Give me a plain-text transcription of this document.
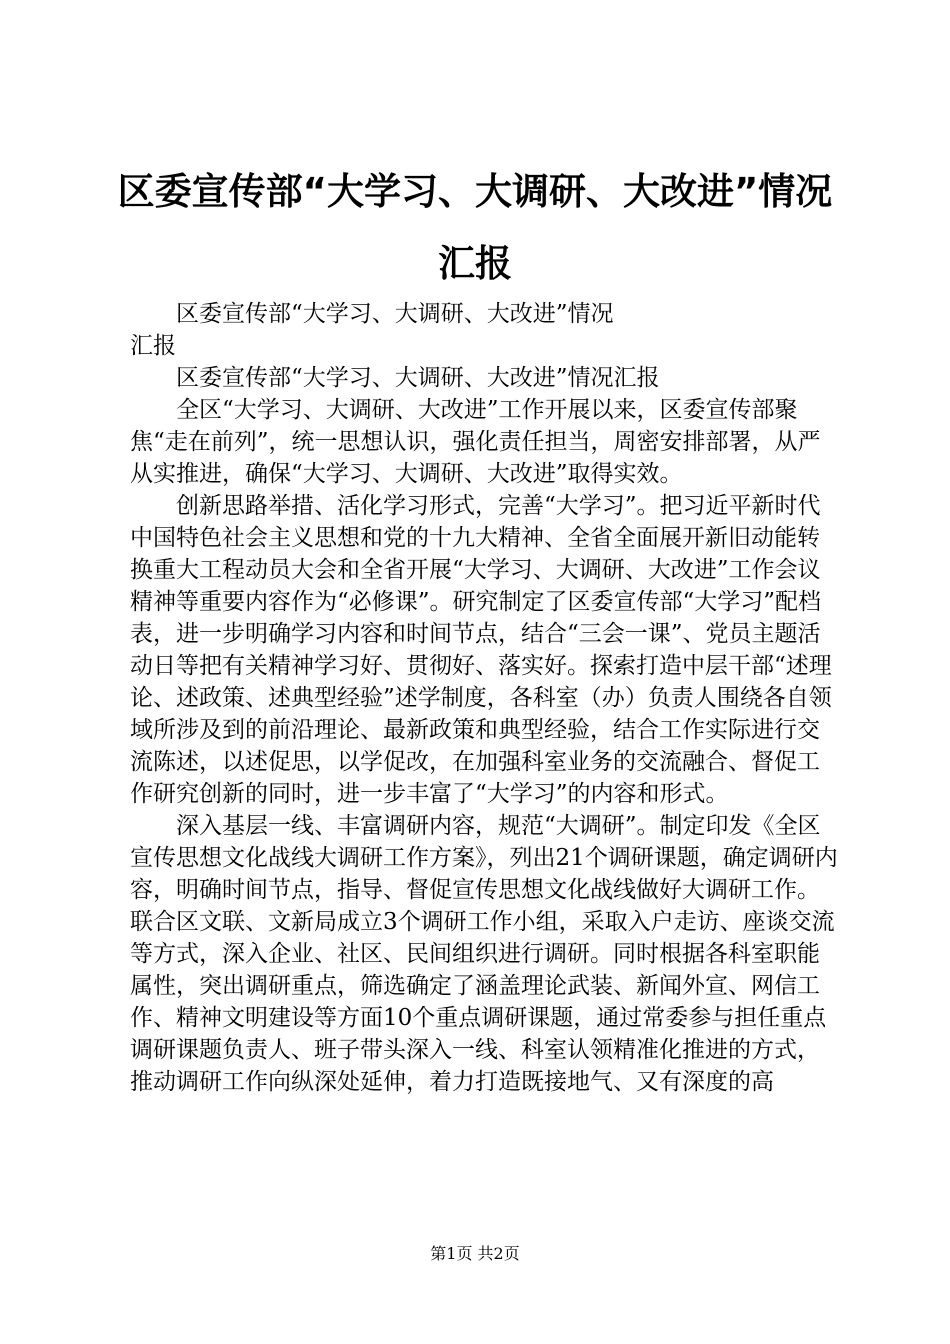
区委宣传部“大学习、大调研、大改进”情况汇报

区委宣传部“大学习、大调研、大改进”情况汇报

区委宣传部“大学习、大调研、大改进”情况汇报

全区“大学习、大调研、大改进”工作开展以来，区委宣传部聚焦“走在前列”，统一思想认识，强化责任担当，周密安排部署，从严从实推进，确保“大学习、大调研、大改进”取得实效。

创新思路举措、活化学习形式，完善“大学习”。把习近平新时代中国特色社会主义思想和党的十九大精神、全省全面展开新旧动能转换重大工程动员大会和全省开展“大学习、大调研、大改进”工作会议精神等重要内容作为“必修课”。研究制定了区委宣传部“大学习”配档表，进一步明确学习内容和时间节点，结合“三会一课”、党员主题活动日等把有关精神学习好、贯彻好、落实好。探索打造中层干部“述理论、述政策、述典型经验”述学制度，各科室（办）负责人围绕各自领域所涉及到的前沿理论、最新政策和典型经验，结合工作实际进行交流陈述，以述促思，以学促改，在加强科室业务的交流融合、督促工作研究创新的同时，进一步丰富了“大学习”的内容和形式。

深入基层一线、丰富调研内容，规范“大调研”。制定印发《全区宣传思想文化战线大调研工作方案》，列出21个调研课题，确定调研内容，明确时间节点，指导、督促宣传思想文化战线做好大调研工作。联合区文联、文新局成立3个调研工作小组，采取入户走访、座谈交流等方式，深入企业、社区、民间组织进行调研。同时根据各科室职能属性，突出调研重点，筛选确定了涵盖理论武装、新闻外宣、网信工作、精神文明建设等方面10个重点调研课题，通过常委参与担任重点调研课题负责人、班子带头深入一线、科室认领精准化推进的方式，推动调研工作向纵深处延伸，着力打造既接地气、又有深度的高

第1页 共2页
